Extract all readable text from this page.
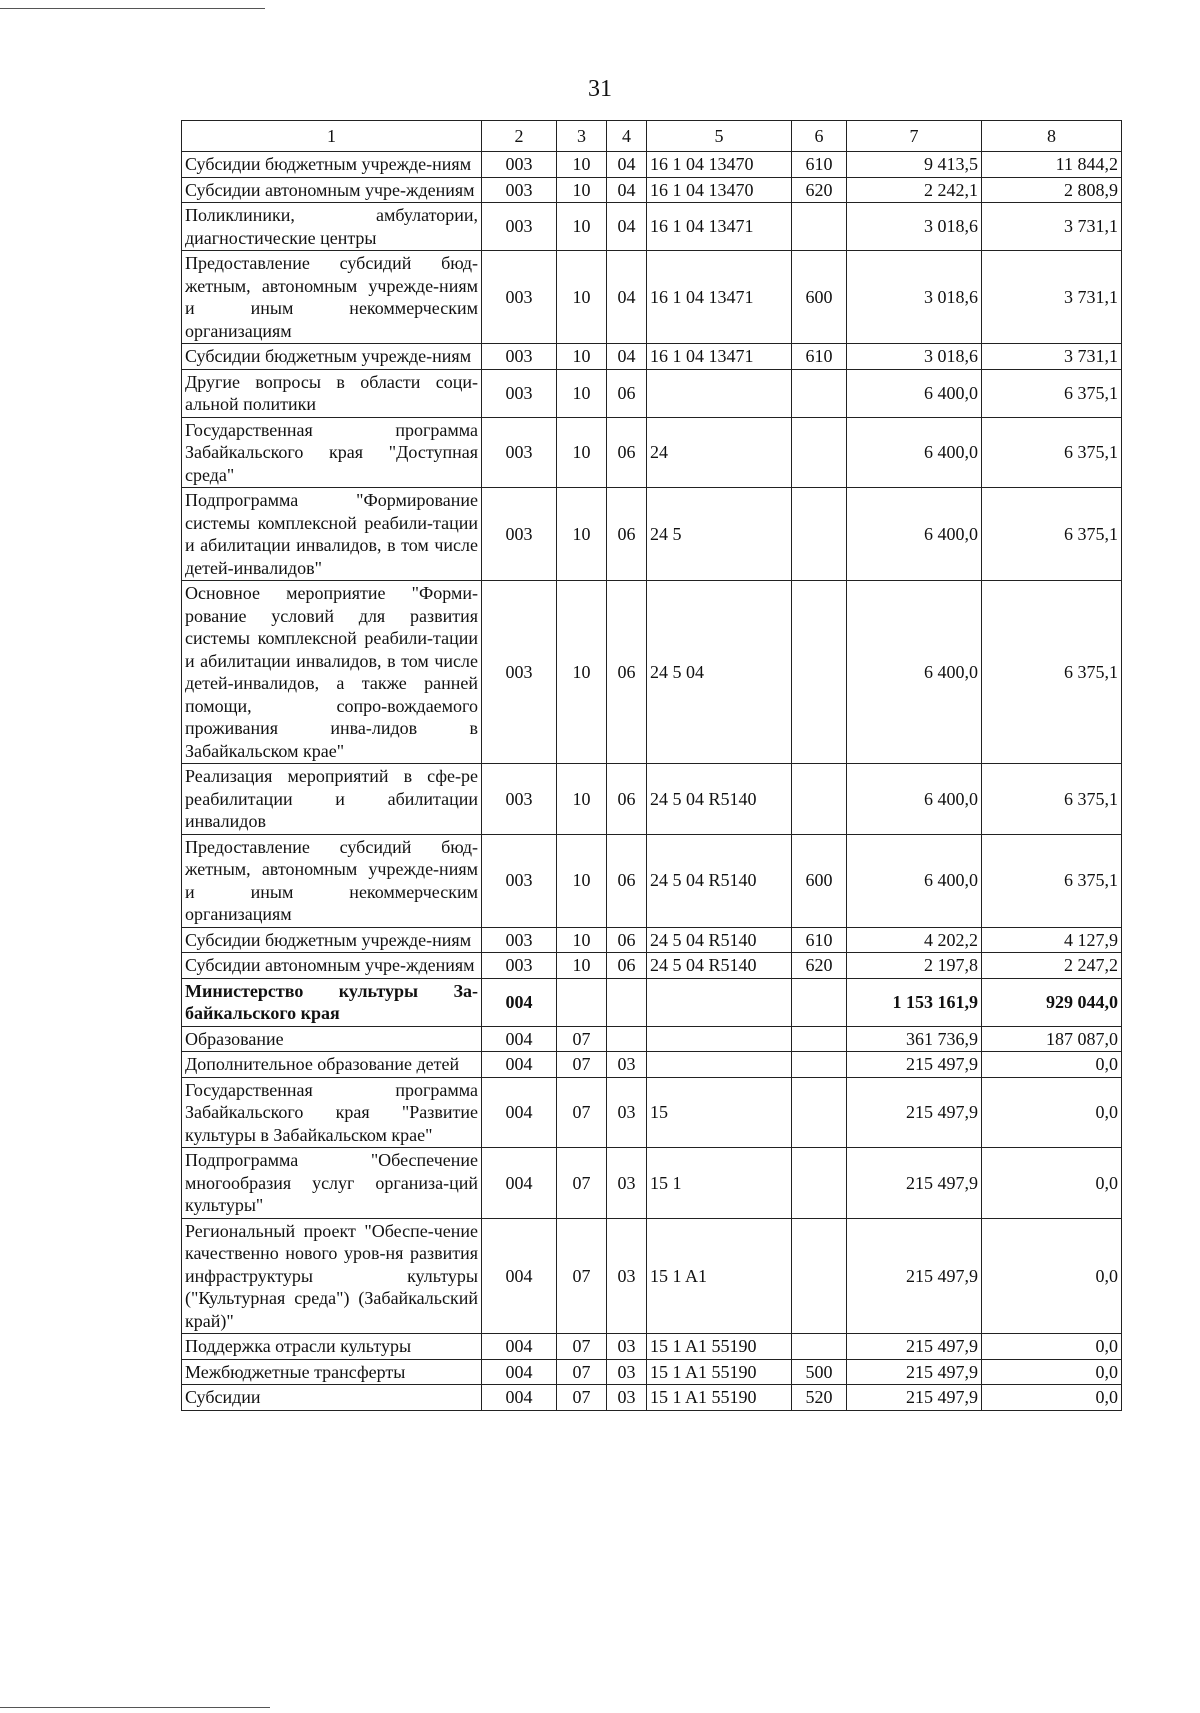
31
1	2	3	4	5	6	7	8
Субсидии бюджетным учрежде-ниям	003	10	04	16 1 04 13470	610	9 413,5	11 844,2
Субсидии автономным учре-ждениям	003	10	04	16 1 04 13470	620	2 242,1	2 808,9
Поликлиники, амбулатории, диагностические центры	003	10	04	16 1 04 13471		3 018,6	3 731,1
Предоставление субсидий бюд-жетным, автономным учрежде-ниям и иным некоммерческим организациям	003	10	04	16 1 04 13471	600	3 018,6	3 731,1
Субсидии бюджетным учрежде-ниям	003	10	04	16 1 04 13471	610	3 018,6	3 731,1
Другие вопросы в области соци-альной политики	003	10	06			6 400,0	6 375,1
Государственная программа Забайкальского края "Доступная среда"	003	10	06	24		6 400,0	6 375,1
Подпрограмма "Формирование системы комплексной реабили-тации и абилитации инвалидов, в том числе детей-инвалидов"	003	10	06	24 5		6 400,0	6 375,1
Основное мероприятие "Форми-рование условий для развития системы комплексной реабили-тации и абилитации инвалидов, в том числе детей-инвалидов, а также ранней помощи, сопро-вождаемого проживания инва-лидов в Забайкальском крае"	003	10	06	24 5 04		6 400,0	6 375,1
Реализация мероприятий в сфе-ре реабилитации и абилитации инвалидов	003	10	06	24 5 04 R5140		6 400,0	6 375,1
Предоставление субсидий бюд-жетным, автономным учрежде-ниям и иным некоммерческим организациям	003	10	06	24 5 04 R5140	600	6 400,0	6 375,1
Субсидии бюджетным учрежде-ниям	003	10	06	24 5 04 R5140	610	4 202,2	4 127,9
Субсидии автономным учре-ждениям	003	10	06	24 5 04 R5140	620	2 197,8	2 247,2
Министерство культуры За-байкальского края	004					1 153 161,9	929 044,0
Образование	004	07				361 736,9	187 087,0
Дополнительное образование детей	004	07	03			215 497,9	0,0
Государственная программа Забайкальского края "Развитие культуры в Забайкальском крае"	004	07	03	15		215 497,9	0,0
Подпрограмма "Обеспечение многообразия услуг организа-ций культуры"	004	07	03	15 1		215 497,9	0,0
Региональный проект "Обеспе-чение качественно нового уров-ня развития инфраструктуры культуры ("Культурная среда") (Забайкальский край)"	004	07	03	15 1 A1		215 497,9	0,0
Поддержка отрасли культуры	004	07	03	15 1 A1 55190		215 497,9	0,0
Межбюджетные трансферты	004	07	03	15 1 A1 55190	500	215 497,9	0,0
Субсидии	004	07	03	15 1 A1 55190	520	215 497,9	0,0
